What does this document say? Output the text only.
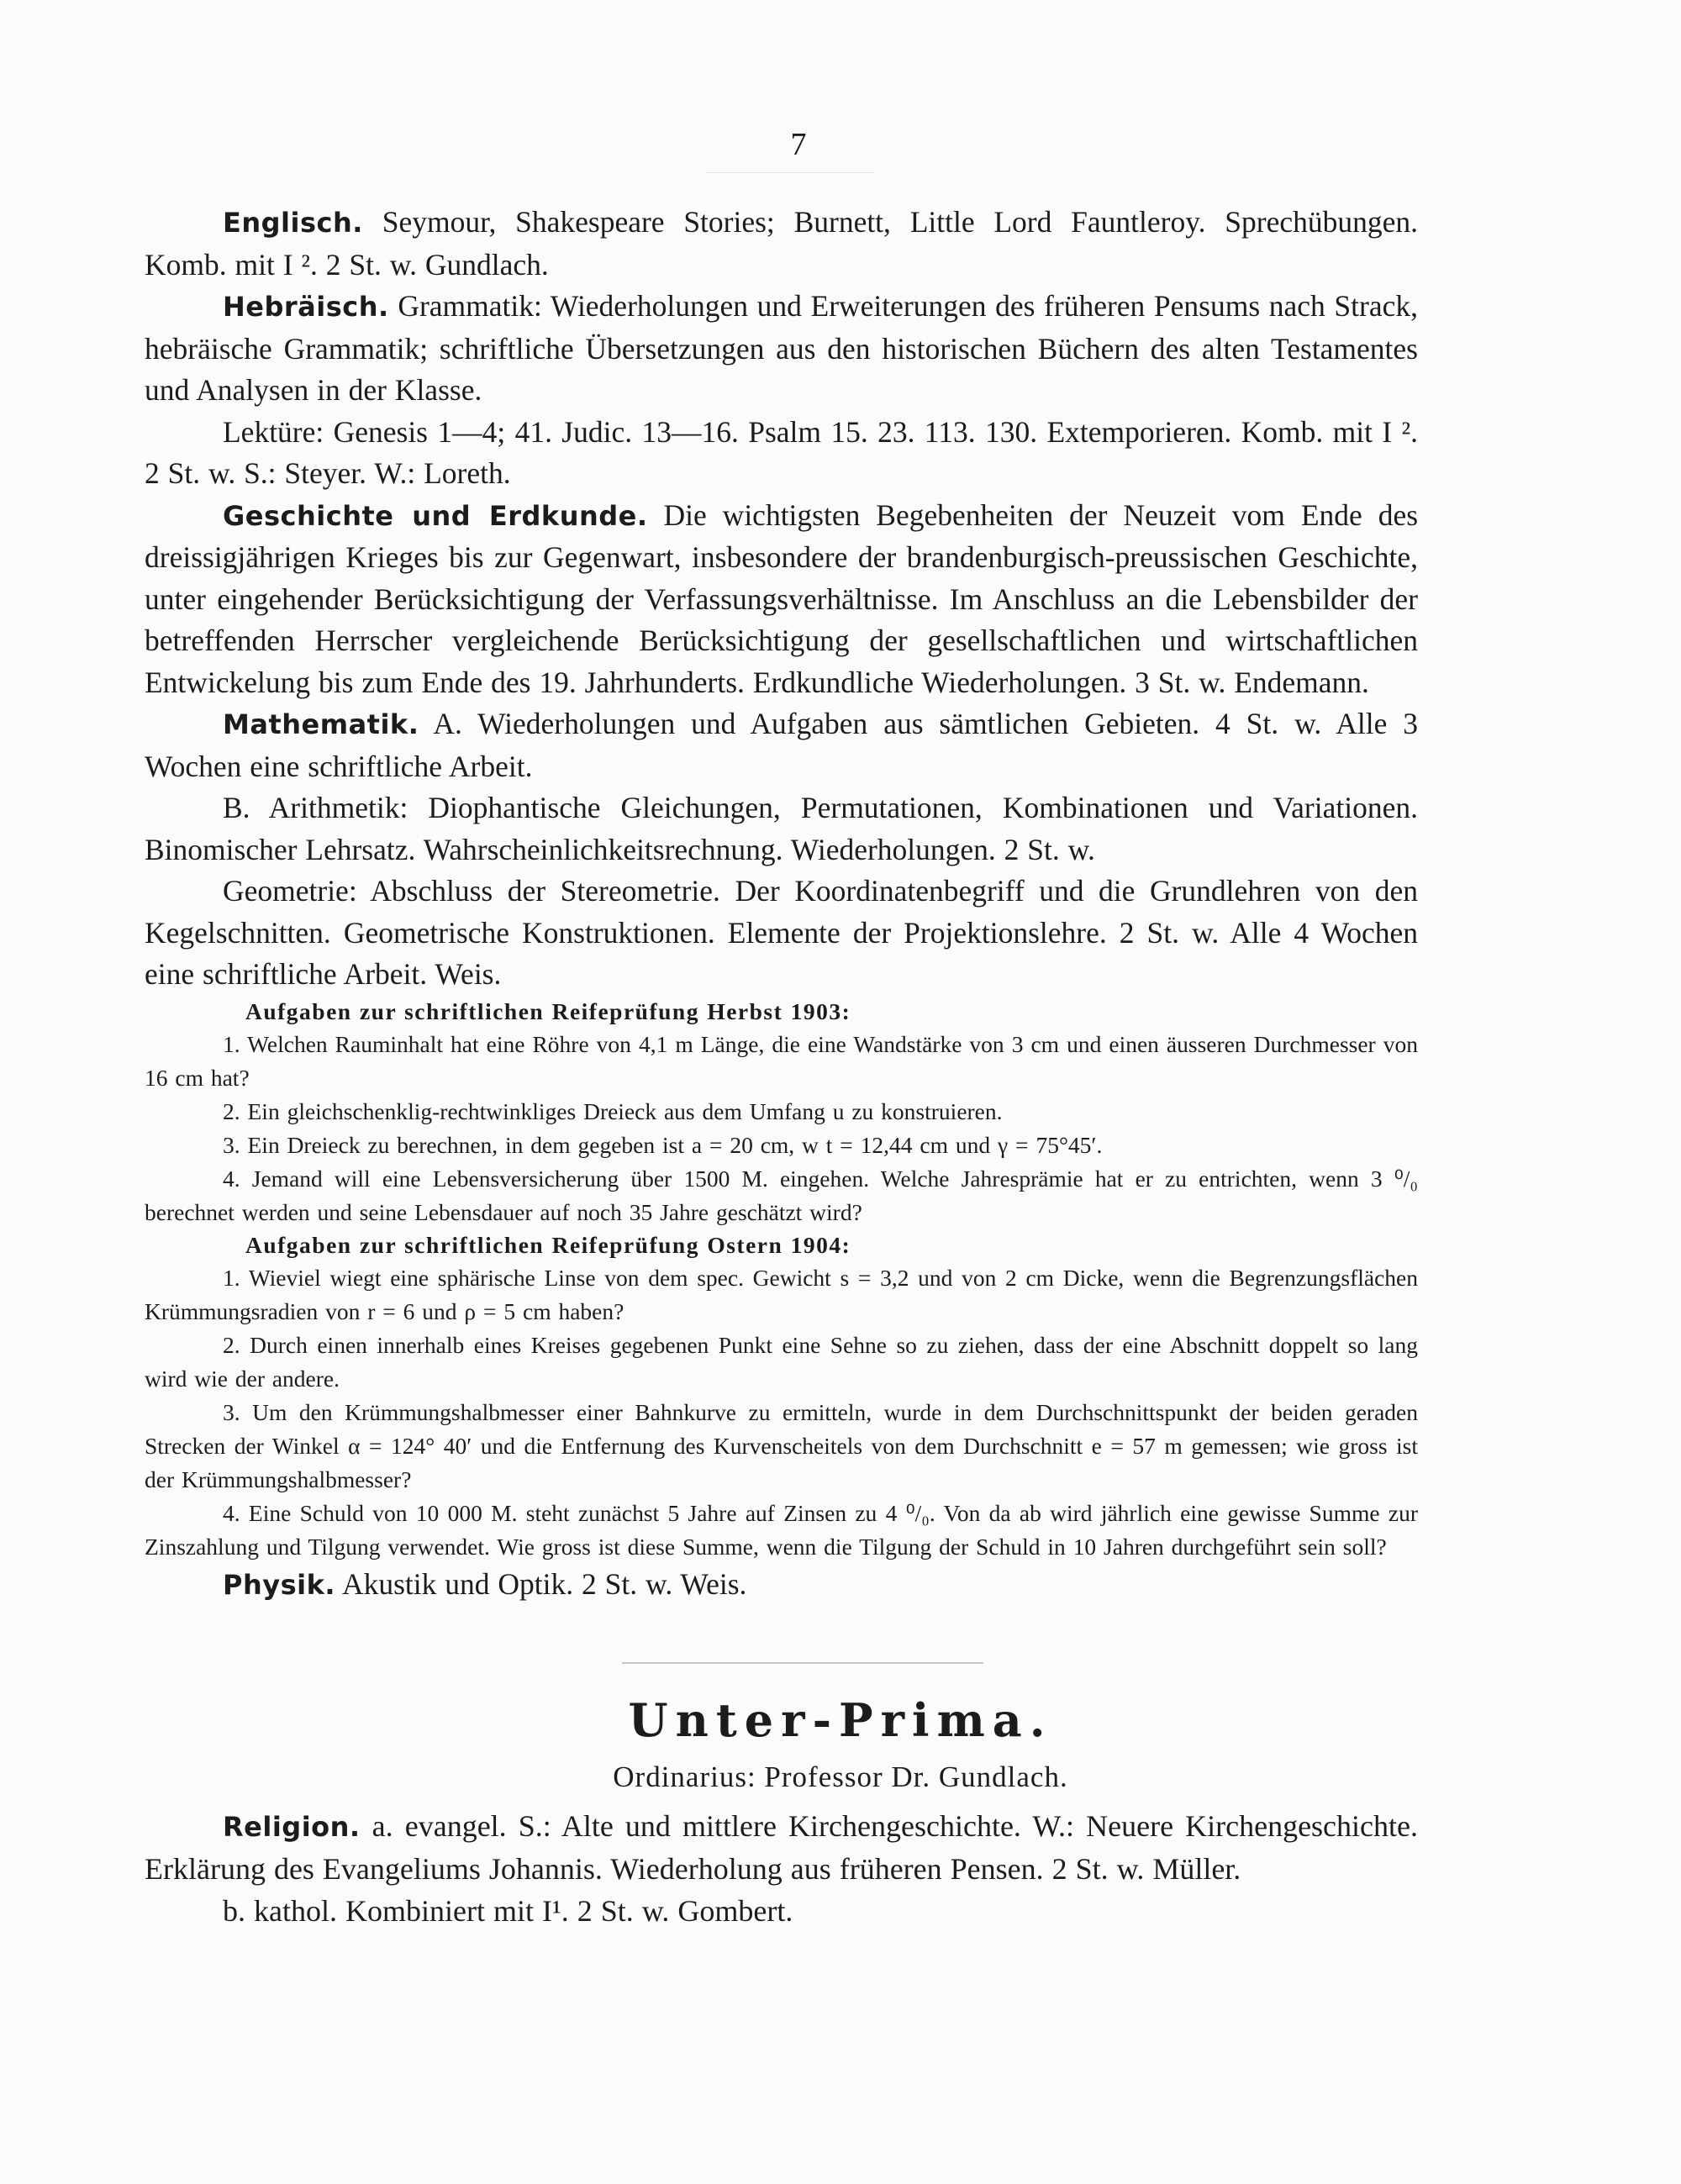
7

Englisch. Seymour, Shakespeare Stories; Burnett, Little Lord Fauntleroy. Sprechübungen. Komb. mit I ². 2 St. w. Gundlach.

Hebräisch. Grammatik: Wiederholungen und Erweiterungen des früheren Pensums nach Strack, hebräische Grammatik; schriftliche Übersetzungen aus den historischen Büchern des alten Testamentes und Analysen in der Klasse.

Lektüre: Genesis 1—4; 41. Judic. 13—16. Psalm 15. 23. 113. 130. Extemporieren. Komb. mit I ². 2 St. w. S.: Steyer. W.: Loreth.

Geschichte und Erdkunde. Die wichtigsten Begebenheiten der Neuzeit vom Ende des dreissigjährigen Krieges bis zur Gegenwart, insbesondere der brandenburgisch-preussischen Geschichte, unter eingehender Berücksichtigung der Verfassungsverhältnisse. Im Anschluss an die Lebensbilder der betreffenden Herrscher vergleichende Berücksichtigung der gesellschaftlichen und wirtschaftlichen Entwickelung bis zum Ende des 19. Jahrhunderts. Erdkundliche Wiederholungen. 3 St. w. Endemann.

Mathematik. A. Wiederholungen und Aufgaben aus sämtlichen Gebieten. 4 St. w. Alle 3 Wochen eine schriftliche Arbeit.

B. Arithmetik: Diophantische Gleichungen, Permutationen, Kombinationen und Variationen. Binomischer Lehrsatz. Wahrscheinlichkeitsrechnung. Wiederholungen. 2 St. w.

Geometrie: Abschluss der Stereometrie. Der Koordinatenbegriff und die Grundlehren von den Kegelschnitten. Geometrische Konstruktionen. Elemente der Projektionslehre. 2 St. w. Alle 4 Wochen eine schriftliche Arbeit. Weis.

Aufgaben zur schriftlichen Reifeprüfung Herbst 1903:

1. Welchen Rauminhalt hat eine Röhre von 4,1 m Länge, die eine Wandstärke von 3 cm und einen äusseren Durchmesser von 16 cm hat?

2. Ein gleichschenklig-rechtwinkliges Dreieck aus dem Umfang u zu konstruieren.

3. Ein Dreieck zu berechnen, in dem gegeben ist a = 20 cm, w t = 12,44 cm und γ = 75°45′.

4. Jemand will eine Lebensversicherung über 1500 M. eingehen. Welche Jahresprämie hat er zu entrichten, wenn 3 ⁰/₀ berechnet werden und seine Lebensdauer auf noch 35 Jahre geschätzt wird?

Aufgaben zur schriftlichen Reifeprüfung Ostern 1904:

1. Wieviel wiegt eine sphärische Linse von dem spec. Gewicht s = 3,2 und von 2 cm Dicke, wenn die Begrenzungsflächen Krümmungsradien von r = 6 und ρ = 5 cm haben?

2. Durch einen innerhalb eines Kreises gegebenen Punkt eine Sehne so zu ziehen, dass der eine Abschnitt doppelt so lang wird wie der andere.

3. Um den Krümmungshalbmesser einer Bahnkurve zu ermitteln, wurde in dem Durchschnittspunkt der beiden geraden Strecken der Winkel α = 124° 40′ und die Entfernung des Kurvenscheitels von dem Durchschnitt e = 57 m gemessen; wie gross ist der Krümmungshalbmesser?

4. Eine Schuld von 10 000 M. steht zunächst 5 Jahre auf Zinsen zu 4 ⁰/₀. Von da ab wird jährlich eine gewisse Summe zur Zinszahlung und Tilgung verwendet. Wie gross ist diese Summe, wenn die Tilgung der Schuld in 10 Jahren durchgeführt sein soll?

Physik. Akustik und Optik. 2 St. w. Weis.

Unter-Prima.
Ordinarius: Professor Dr. Gundlach.

Religion. a. evangel. S.: Alte und mittlere Kirchengeschichte. W.: Neuere Kirchengeschichte. Erklärung des Evangeliums Johannis. Wiederholung aus früheren Pensen. 2 St. w. Müller.

b. kathol. Kombiniert mit I¹. 2 St. w. Gombert.
